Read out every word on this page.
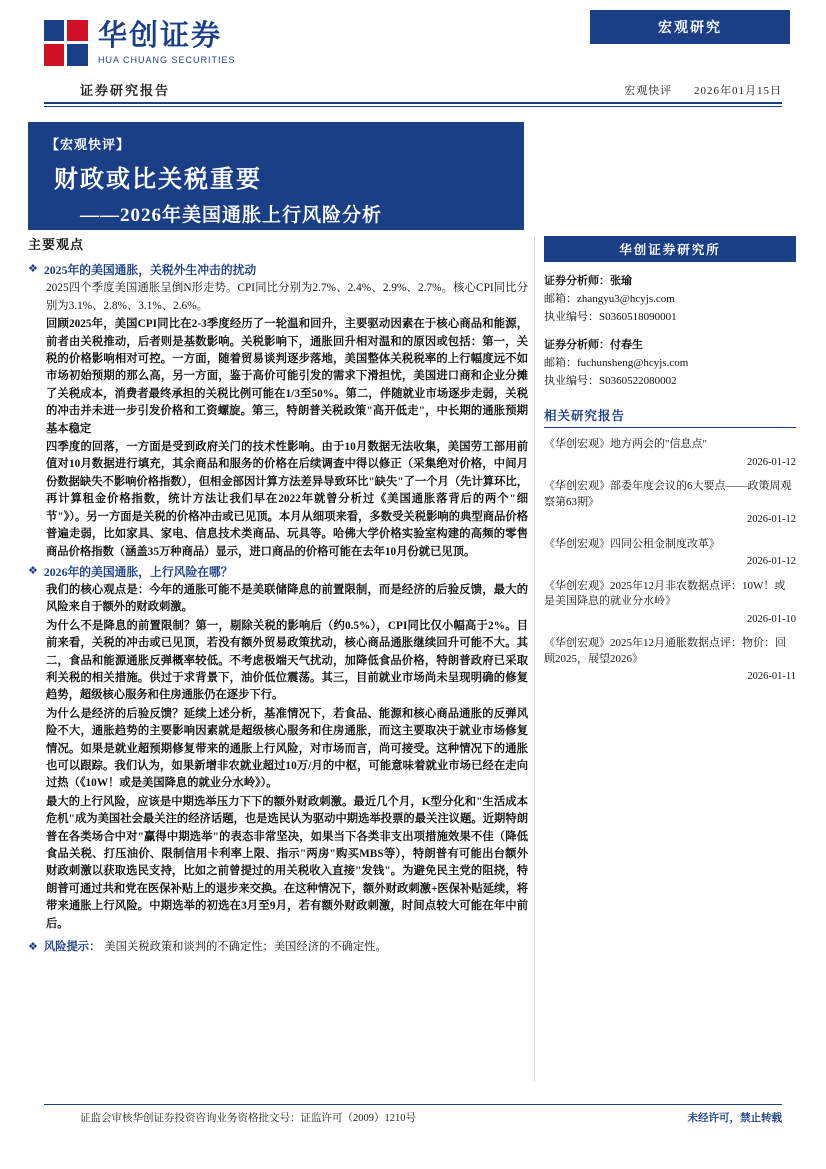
宏观研究
华创证券
HUA CHUANG SECURITIES
证券研究报告	宏观快评 2026年01月15日
【宏观快评】
财政或比关税重要
——2026年美国通胀上行风险分析
主要观点
❖ 2025年的美国通胀，关税外生冲击的扰动
2025四个季度美国通胀呈倒N形走势。CPI同比分别为2.7%、2.4%、2.9%、2.7%。核心CPI同比分别为3.1%、2.8%、3.1%、2.6%。
回顾2025年，美国CPI同比在2-3季度经历了一轮温和回升，主要驱动因素在于核心商品和能源，前者由关税推动，后者则是基数影响。关税影响下，通胀回升相对温和的原因或包括：第一，关税的价格影响相对可控。一方面，随着贸易谈判逐步落地，美国整体关税税率的上行幅度远不如市场初始预期的那么高，另一方面，鉴于高价可能引发的需求下滑担忧，美国进口商和企业分摊了关税成本，消费者最终承担的关税比例可能在1/3至50%。第二，伴随就业市场逐步走弱，关税的冲击并未进一步引发价格和工资螺旋。第三，特朗普关税政策"高开低走"，中长期的通胀预期基本稳定
四季度的回落，一方面是受到政府关门的技术性影响。由于10月数据无法收集，美国劳工部用前值对10月数据进行填充，其余商品和服务的价格在后续调查中得以修正（采集绝对价格，中间月份数据缺失不影响价格指数），但相金部因计算方法差异导致环比"缺失"了一个月（先计算环比，再计算租金价格指数，统计方法让我们早在2022年就曾分析过《美国通胀落背后的两个"细节"》）。另一方面是关税的价格冲击或已见顶。本月从细项来看，多数受关税影响的典型商品价格普遍走弱，比如家具、家电、信息技术类商品、玩具等。哈佛大学价格实验室构建的高频的零售商品价格指数（涵盖35万种商品）显示，进口商品的价格可能在去年10月份就已见顶。
❖ 2026年的美国通胀，上行风险在哪？
我们的核心观点是：今年的通胀可能不是美联储降息的前置限制，而是经济的后验反馈，最大的风险来自于额外的财政刺激。
为什么不是降息的前置限制？第一，剔除关税的影响后（约0.5%），CPI同比仅小幅高于2%。目前来看，关税的冲击或已见顶，若没有额外贸易政策扰动，核心商品通胀继续回升可能不大。其二，食品和能源通胀反弹概率较低。不考虑极端天气扰动，加降低食品价格，特朗普政府已采取利关税的相关措施。供过于求背景下，油价低位震荡。其三，目前就业市场尚未呈现明确的修复趋势，超级核心服务和住房通胀仍在逐步下行。
为什么是经济的后验反馈？延续上述分析，基准情况下，若食品、能源和核心商品通胀的反弹风险不大，通胀趋势的主要影响因素就是超级核心服务和住房通胀，而这主要取决于就业市场修复情况。如果是就业超预期修复带来的通胀上行风险，对市场而言，尚可接受。这种情况下的通胀也可以跟踪。我们认为，如果新增非农就业超过10万/月的中枢，可能意味着就业市场已经在走向过热（《10W！或是美国降息的就业分水岭》）。
最大的上行风险，应该是中期选举压力下下的额外财政刺激。最近几个月，K型分化和"生活成本危机"成为美国社会最关注的经济话题，也是选民认为驱动中期选举投票的最关注议题。近期特朗普在各类场合中对"赢得中期选举"的表态非常坚决，如果当下各类非支出项措施效果不佳（降低食品关税、打压油价、限制信用卡利率上限、指示"两房"购买MBS等），特朗普有可能出台额外财政刺激以获取选民支持，比如之前曾提过的用关税收入直接"发钱"。为避免民主党的阻挠，特朗普可通过共和党在医保补贴上的退步来交换。在这种情况下，额外财政刺激+医保补贴延续，将带来通胀上行风险。中期选举的初选在3月至9月，若有额外财政刺激，时间点较大可能在年中前后。
❖ 风险提示： 美国关税政策和谈判的不确定性；美国经济的不确定性。
华创证券研究所
证券分析师：张瑜
邮箱：zhangyu3@hcyjs.com
执业编号：S0360518090001
证券分析师：付春生
邮箱：fuchunsheng@hcyjs.com
执业编号：S0360522080002
相关研究报告
《华创宏观》地方两会的"信息点"
2026-01-12
《华创宏观》部委年度会议的6大要点——政策周观察第63期》
2026-01-12
《华创宏观》四同公租金制度改革》
2026-01-12
《华创宏观》2025年12月非农数据点评：10W！或是美国降息的就业分水岭》
2026-01-10
《华创宏观》2025年12月通胀数据点评：物价：回顾2025，展望2026》
2026-01-11
证监会审核华创证券投资咨询业务资格批文号：证监许可（2009）1210号	未经许可，禁止转载
